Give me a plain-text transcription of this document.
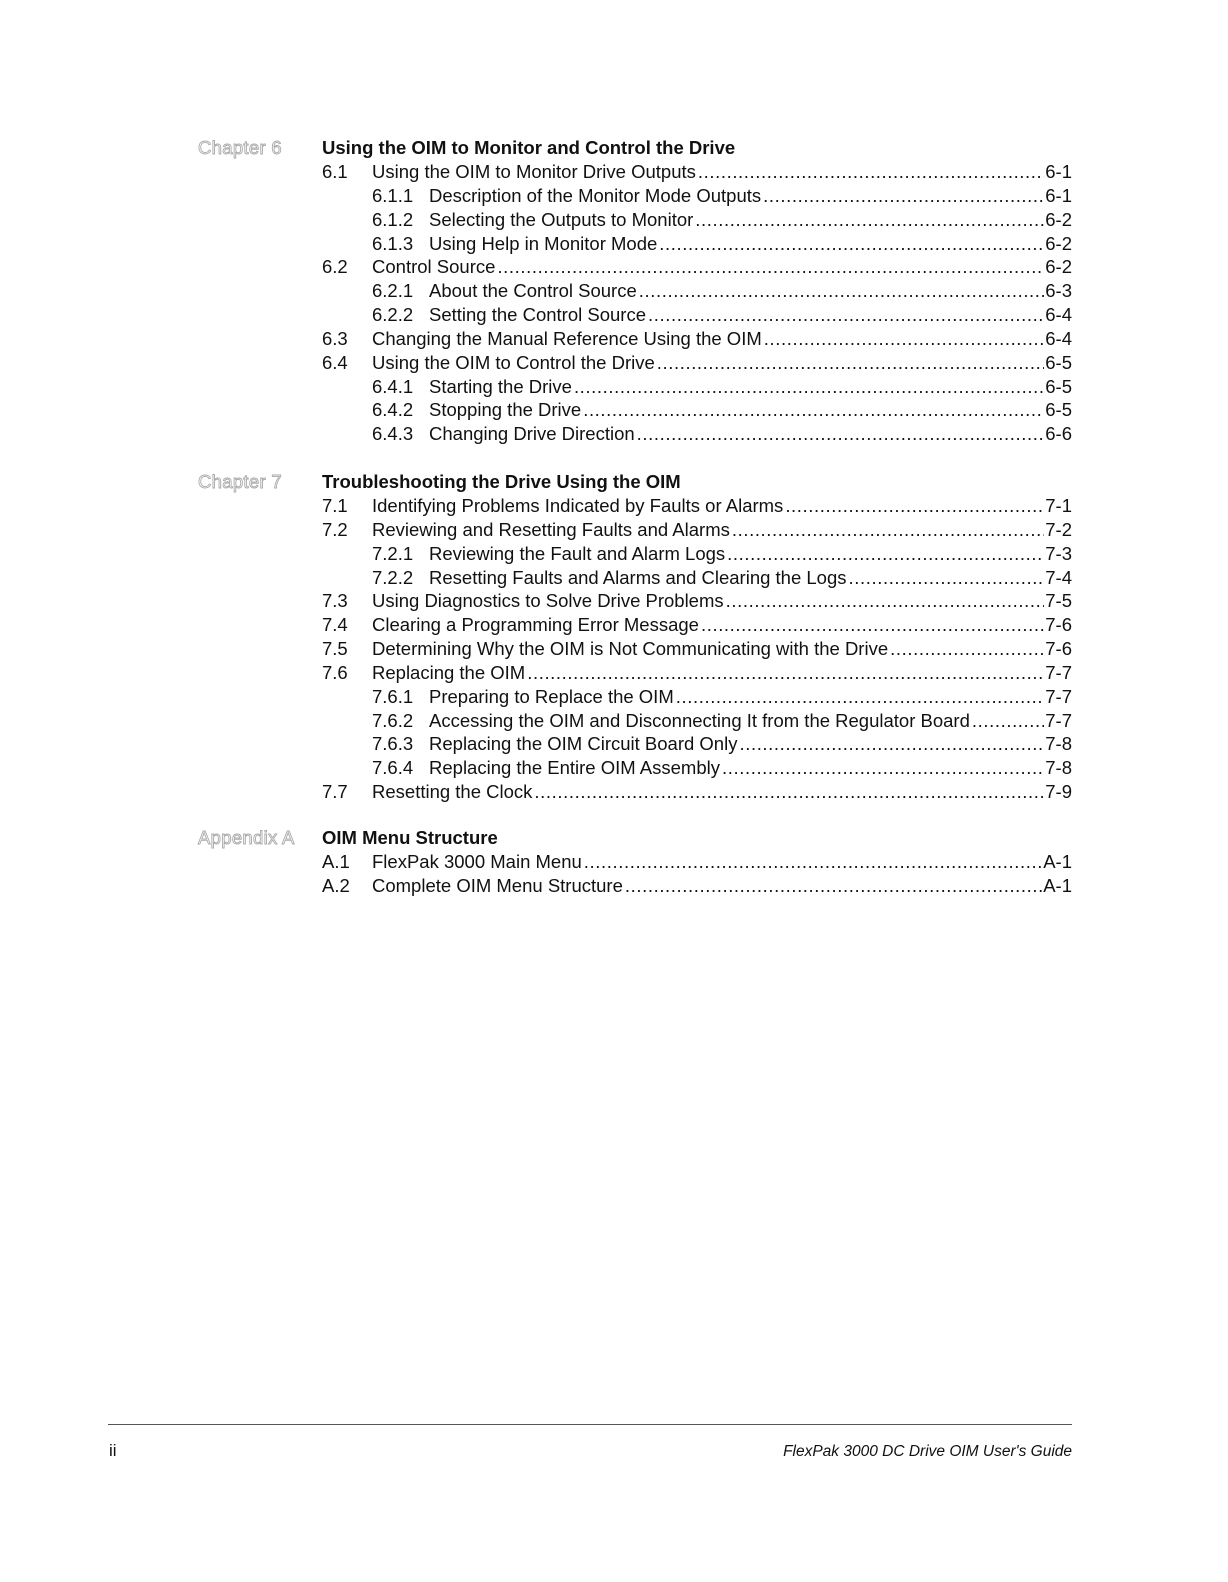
Chapter 6 Using the OIM to Monitor and Control the Drive
6.1 Using the OIM to Monitor Drive Outputs .....	6-1
6.1.1 Description of the Monitor Mode Outputs .....	6-1
6.1.2 Selecting the Outputs to Monitor .....	6-2
6.1.3 Using Help in Monitor Mode .....	6-2
6.2 Control Source .....	6-2
6.2.1 About the Control Source .....	6-3
6.2.2 Setting the Control Source .....	6-4
6.3 Changing the Manual Reference Using the OIM .....	6-4
6.4 Using the OIM to Control the Drive .....	6-5
6.4.1 Starting the Drive .....	6-5
6.4.2 Stopping the Drive .....	6-5
6.4.3 Changing Drive Direction .....	6-6
Chapter 7 Troubleshooting the Drive Using the OIM
7.1 Identifying Problems Indicated by Faults or Alarms .....	7-1
7.2 Reviewing and Resetting Faults and Alarms .....	7-2
7.2.1 Reviewing the Fault and Alarm Logs .....	7-3
7.2.2 Resetting Faults and Alarms and Clearing the Logs .....	7-4
7.3 Using Diagnostics to Solve Drive Problems .....	7-5
7.4 Clearing a Programming Error Message .....	7-6
7.5 Determining Why the OIM is Not Communicating with the Drive .....	7-6
7.6 Replacing the OIM .....	7-7
7.6.1 Preparing to Replace the OIM .....	7-7
7.6.2 Accessing the OIM and Disconnecting It from the Regulator Board .....	7-7
7.6.3 Replacing the OIM Circuit Board Only .....	7-8
7.6.4 Replacing the Entire OIM Assembly .....	7-8
7.7 Resetting the Clock .....	7-9
Appendix A OIM Menu Structure
A.1 FlexPak 3000 Main Menu .....	A-1
A.2 Complete OIM Menu Structure .....	A-1
ii	FlexPak 3000 DC Drive OIM User's Guide
